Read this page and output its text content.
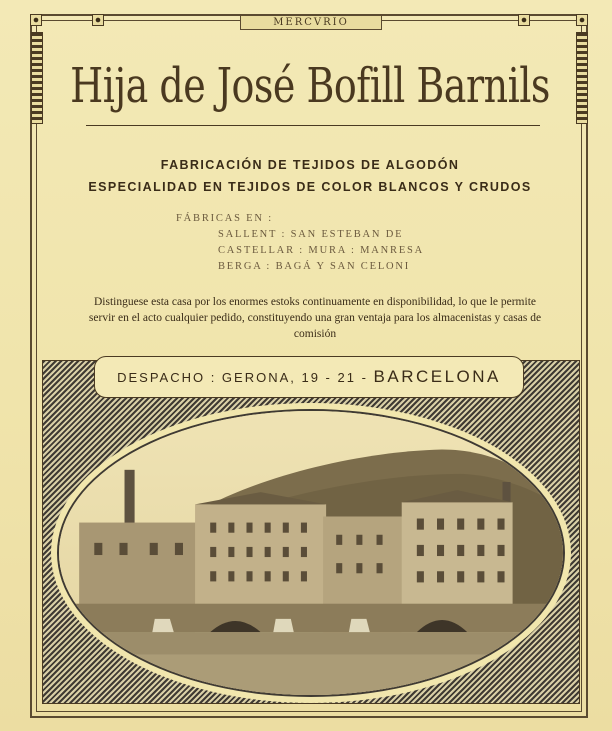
MERCVRIO
Hija de José Bofill Barnils
FABRICACIÓN DE TEJIDOS DE ALGODÓN
ESPECIALIDAD EN TEJIDOS DE COLOR BLANCOS Y CRUDOS
FÁBRICAS EN :
SALLENT : SAN ESTEBAN DE
CASTELLAR : MURA : MANRESA
BERGA : BAGÁ Y SAN CELONI
Distinguese esta casa por los enormes estoks continuamente en disponibilidad, lo que le permite servir en el acto cualquier pedido, constituyendo una gran ventaja para los almacenistas y casas de comisión
DESPACHO : GERONA, 19 - 21 - BARCELONA
